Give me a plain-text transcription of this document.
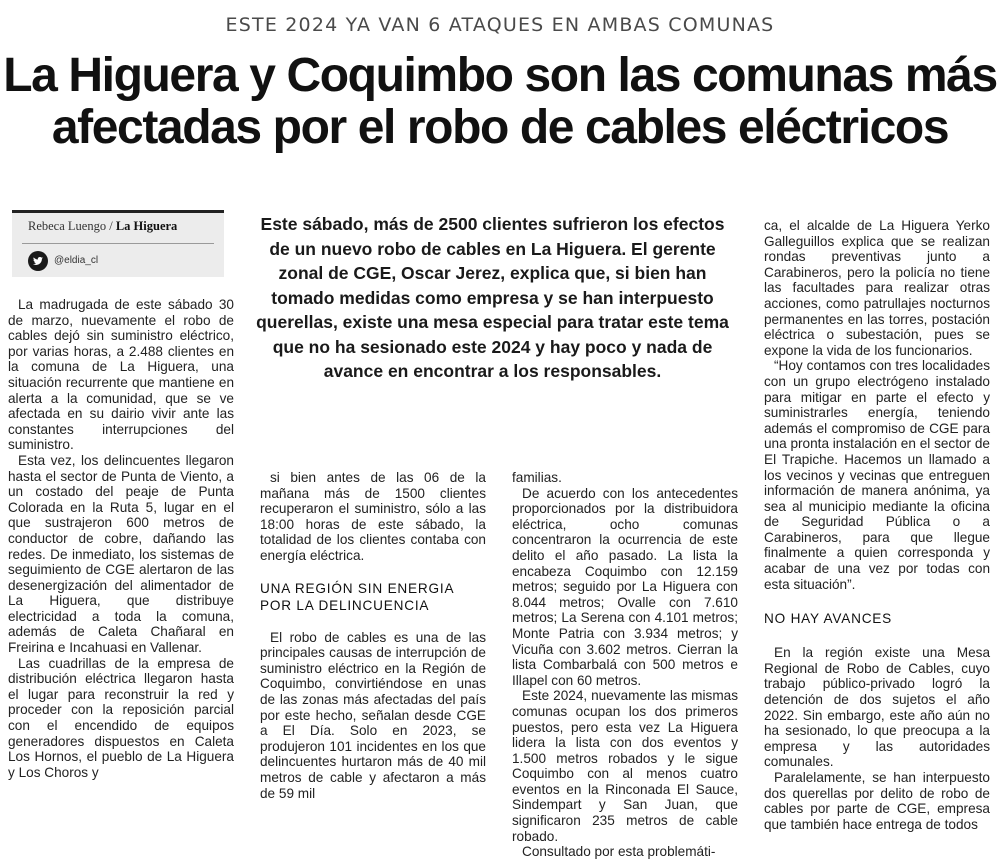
ESTE 2024 YA VAN 6 ATAQUES EN AMBAS COMUNAS
La Higuera y Coquimbo son las comunas más
afectadas por el robo de cables eléctricos
Rebeca Luengo / La Higuera
@eldia_cl
Este sábado, más de 2500 clientes sufrieron los efectos de un nuevo robo de cables en La Higuera. El gerente zonal de CGE, Oscar Jerez, explica que, si bien han tomado medidas como empresa y se han interpuesto querellas, existe una mesa especial para tratar este tema que no ha sesionado este 2024 y hay poco y nada de avance en encontrar a los responsables.

La madrugada de este sábado 30 de marzo, nuevamente el robo de cables dejó sin suministro eléctrico, por varias horas, a 2.488 clientes en la comuna de La Higuera, una situación recurrente que mantiene en alerta a la comunidad, que se ve afectada en su dairio vivir ante las constantes interrupciones del suministro.

Esta vez, los delincuentes llegaron hasta el sector de Punta de Viento, a un costado del peaje de Punta Colorada en la Ruta 5, lugar en el que sustrajeron 600 metros de conductor de cobre, dañando las redes. De inmediato, los sistemas de seguimiento de CGE alertaron de las desenergización del alimentador de La Higuera, que distribuye electricidad a toda la comuna, además de Caleta Chañaral en Freirina e Incahuasi en Vallenar.

Las cuadrillas de la empresa de distribución eléctrica llegaron hasta el lugar para reconstruir la red y proceder con la reposición parcial con el encendido de equipos generadores dispuestos en Caleta Los Hornos, el pueblo de La Higuera y Los Choros y

si bien antes de las 06 de la mañana más de 1500 clientes recuperaron el suministro, sólo a las 18:00 horas de este sábado, la totalidad de los clientes contaba con energía eléctrica.

UNA REGIÓN SIN ENERGIA
POR LA DELINCUENCIA

El robo de cables es una de las principales causas de interrupción de suministro eléctrico en la Región de Coquimbo, convirtiéndose en unas de las zonas más afectadas del país por este hecho, señalan desde CGE a El Día. Solo en 2023, se produjeron 101 incidentes en los que delincuentes hurtaron más de 40 mil metros de cable y afectaron a más de 59 mil

familias.

De acuerdo con los antecedentes proporcionados por la distribuidora eléctrica, ocho comunas concentraron la ocurrencia de este delito el año pasado. La lista la encabeza Coquimbo con 12.159 metros; seguido por La Higuera con 8.044 metros; Ovalle con 7.610 metros; La Serena con 4.101 metros; Monte Patria con 3.934 metros; y Vicuña con 3.602 metros. Cierran la lista Combarbalá con 500 metros e Illapel con 60 metros.

Este 2024, nuevamente las mismas comunas ocupan los dos primeros puestos, pero esta vez La Higuera lidera la lista con dos eventos y 1.500 metros robados y le sigue Coquimbo con al menos cuatro eventos en la Rinconada El Sauce, Sindempart y San Juan, que significaron 235 metros de cable robado.

Consultado por esta problemáti-

ca, el alcalde de La Higuera Yerko Galleguillos explica que se realizan rondas preventivas junto a Carabineros, pero la policía no tiene las facultades para realizar otras acciones, como patrullajes nocturnos permanentes en las torres, postación eléctrica o subestación, pues se expone la vida de los funcionarios.

“Hoy contamos con tres localidades con un grupo electrógeno instalado para mitigar en parte el efecto y suministrarles energía, teniendo además el compromiso de CGE para una pronta instalación en el sector de El Trapiche. Hacemos un llamado a los vecinos y vecinas que entreguen información de manera anónima, ya sea al municipio mediante la oficina de Seguridad Pública o a Carabineros, para que llegue finalmente a quien corresponda y acabar de una vez por todas con esta situación”.

NO HAY AVANCES

En la región existe una Mesa Regional de Robo de Cables, cuyo trabajo público-privado logró la detención de dos sujetos el año 2022. Sin embargo, este año aún no ha sesionado, lo que preocupa a la empresa y las autoridades comunales.

Paralelamente, se han interpuesto dos querellas por delito de robo de cables por parte de CGE, empresa que también hace entrega de todos
